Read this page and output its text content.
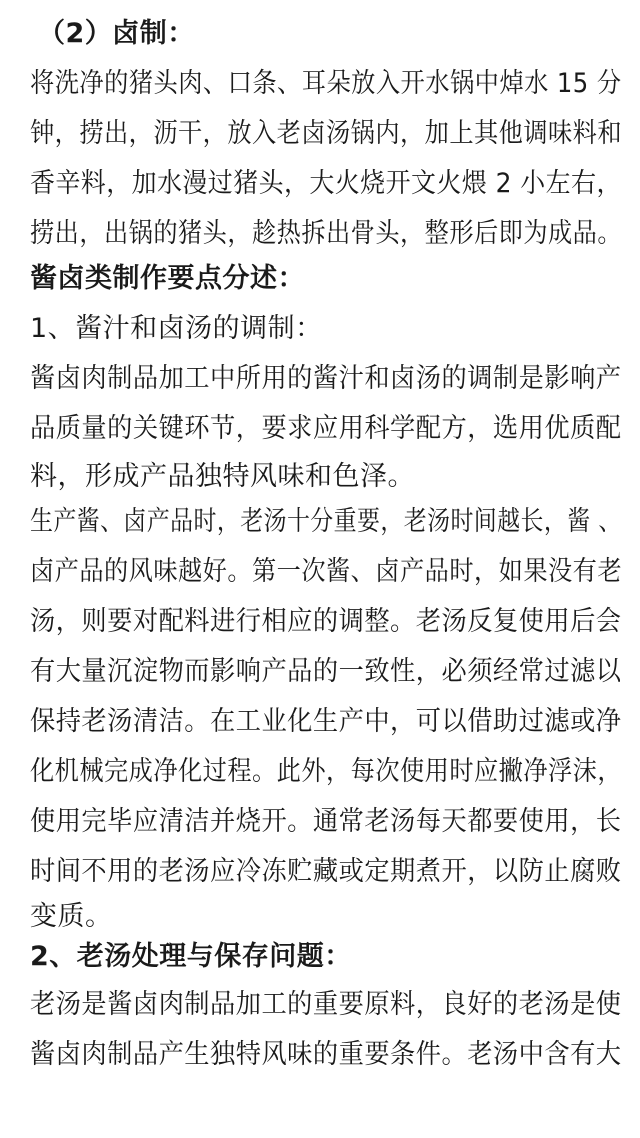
（2）卤制：
将洗净的猪头肉、口条、耳朵放入开水锅中焯水 15 分
钟，捞出，沥干，放入老卤汤锅内，加上其他调味料和
香辛料，加水漫过猪头，大火烧开文火煨 2 小左右，
捞出，出锅的猪头，趁热拆出骨头，整形后即为成品。
酱卤类制作要点分述：
1、酱汁和卤汤的调制：
酱卤肉制品加工中所用的酱汁和卤汤的调制是影响产
品质量的关键环节，要求应用科学配方，选用优质配
料，形成产品独特风味和色泽。
生产酱、卤产品时，老汤十分重要，老汤时间越长，酱 、
卤产品的风味越好。第一次酱、卤产品时，如果没有老
汤，则要对配料进行相应的调整。老汤反复使用后会
有大量沉淀物而影响产品的一致性，必须经常过滤以
保持老汤清洁。在工业化生产中，可以借助过滤或净
化机械完成净化过程。此外，每次使用时应撇净浮沫，
使用完毕应清洁并烧开。通常老汤每天都要使用，长
时间不用的老汤应冷冻贮藏或定期煮开，以防止腐败
变质。
2、老汤处理与保存问题：
老汤是酱卤肉制品加工的重要原料，良好的老汤是使
酱卤肉制品产生独特风味的重要条件。老汤中含有大
